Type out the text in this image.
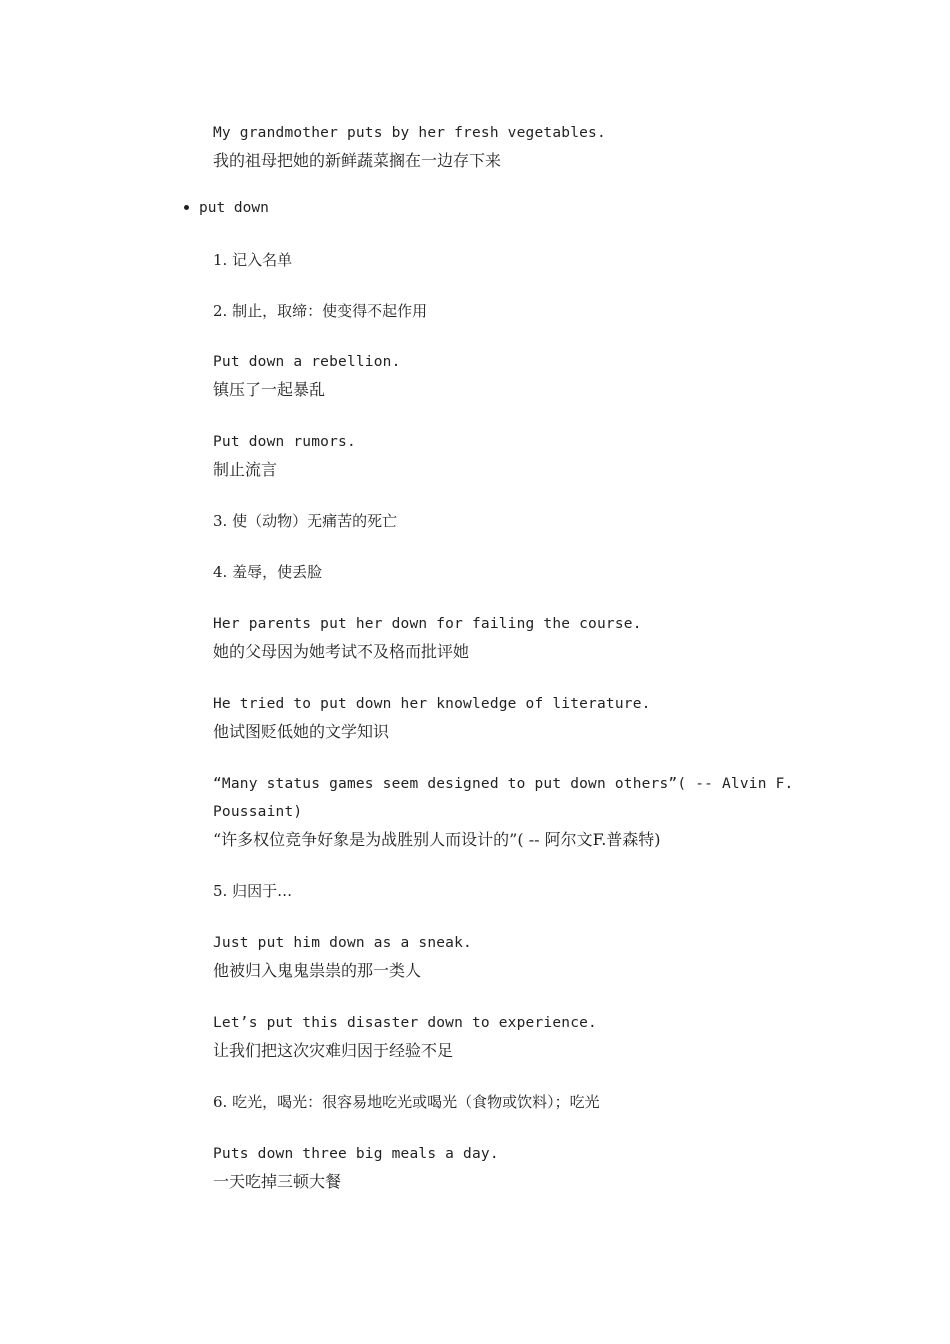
My grandmother puts by her fresh vegetables.
我的祖母把她的新鲜蔬菜搁在一边存下来
put down
1. 记入名单
2. 制止，取缔：使变得不起作用
Put down a rebellion.
镇压了一起暴乱
Put down rumors.
制止流言
3. 使（动物）无痛苦的死亡
4. 羞辱，使丢脸
Her parents put her down for failing the course.
她的父母因为她考试不及格而批评她
He tried to put down her knowledge of literature.
他试图贬低她的文学知识
“Many status games seem designed to put down others”( -- Alvin F.
Poussaint)
“许多权位竞争好象是为战胜别人而设计的”( -- 阿尔文F.普森特)
5. 归因于…
Just put him down as a sneak.
他被归入鬼鬼祟祟的那一类人
Let’s put this disaster down to experience.
让我们把这次灾难归因于经验不足
6. 吃光，喝光：很容易地吃光或喝光（食物或饮料）；吃光
Puts down three big meals a day.
一天吃掉三顿大餐
